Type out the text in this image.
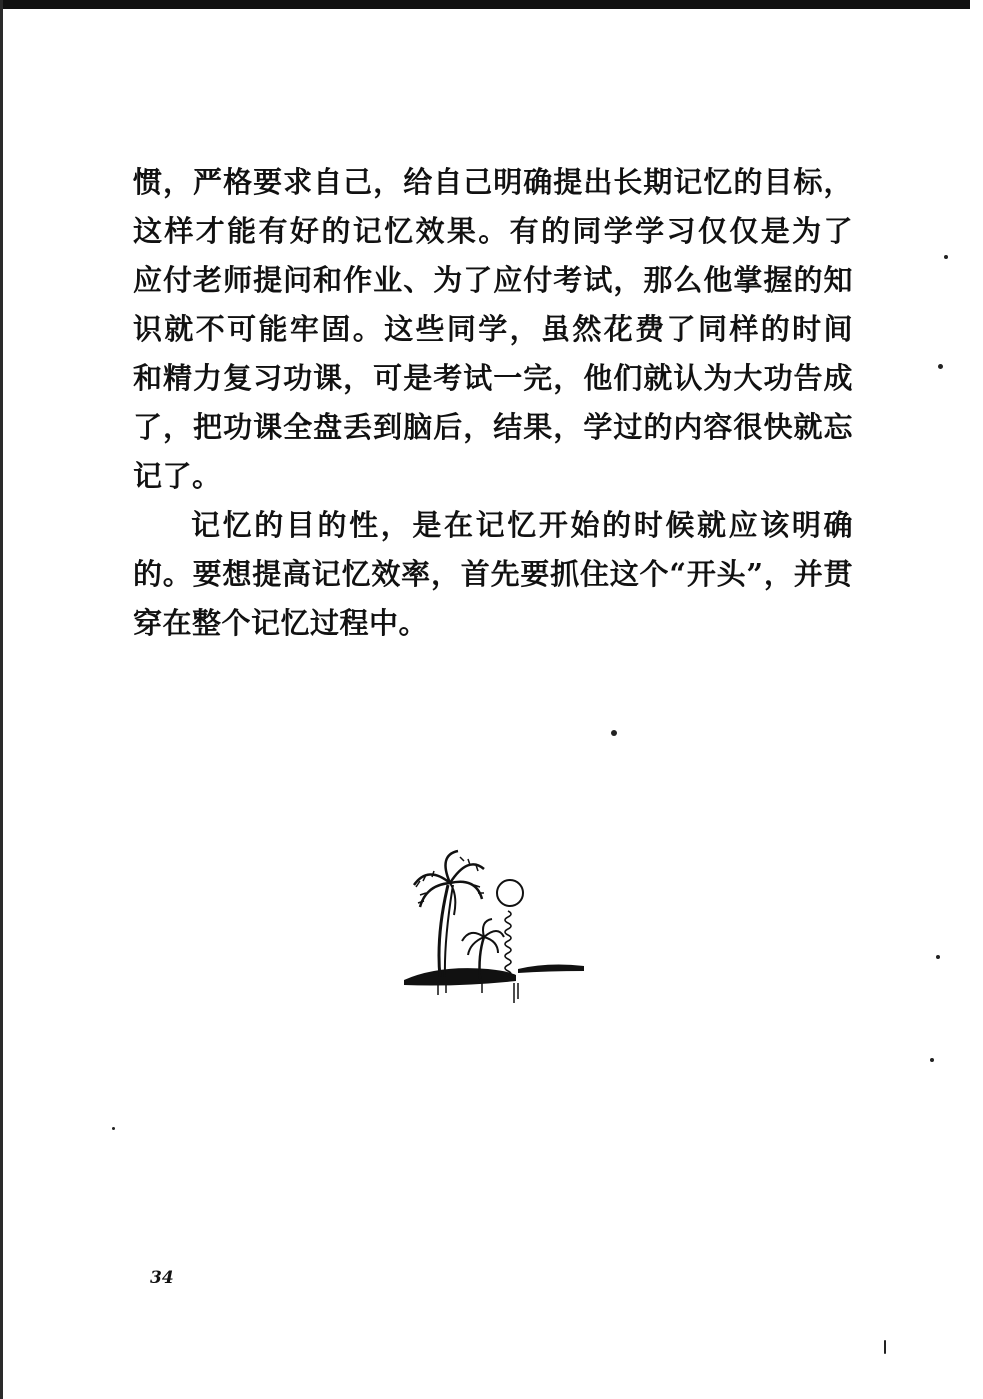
惯，严格要求自己，给自己明确提出长期记忆的目标，
这样才能有好的记忆效果。有的同学学习仅仅是为了
应付老师提问和作业、为了应付考试，那么他掌握的知
识就不可能牢固。这些同学，虽然花费了同样的时间
和精力复习功课，可是考试一完，他们就认为大功告成
了，把功课全盘丢到脑后，结果，学过的内容很快就忘
记了。
记忆的目的性，是在记忆开始的时候就应该明确
的。要想提高记忆效率，首先要抓住这个“开头”，并贯
穿在整个记忆过程中。
34
